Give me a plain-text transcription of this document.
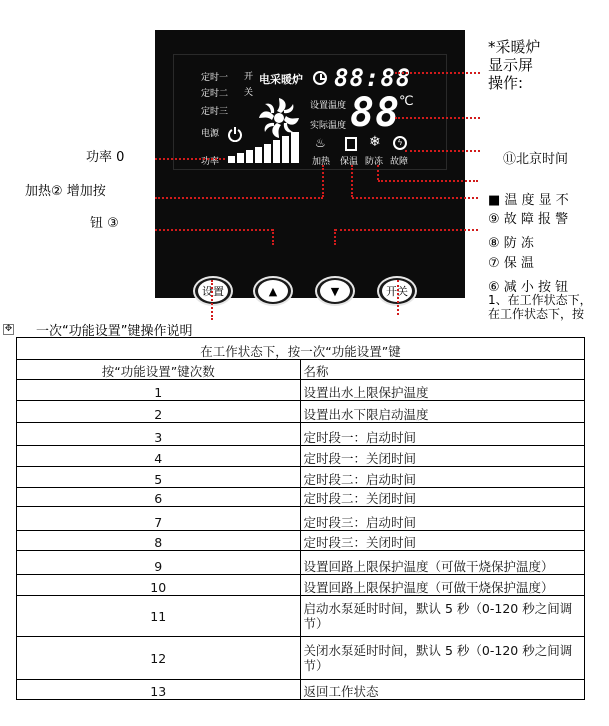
定时一 开
定时二 关
定时三
电源
电采暖炉 88:88
设置温度
实际温度 88
℃
功率
♨
加热 保温
❄
防冻
ϟ
故障
设置	▲	▼	开关
*采暖炉
显示屏
操作:
功率 0
加热② 增加按
钮 ③
⑪北京时间
■ 温 度 显 不
⑨ 故 障 报 警
⑧ 防 冻
⑦ 保 温
⑥ 减 小 按 钮
1、在工作状态下，
在工作状态下，按
✥ 一次“功能设置”键操作说明
在工作状态下，按一次“功能设置”键	
按“功能设置”键次数	名称
1	设置出水上限保护温度
2	设置出水下限启动温度
3	定时段一：启动时间
4	定时段一：关闭时间
5	定时段二：启动时间
6	定时段二：关闭时间
7	定时段三：启动时间
8	定时段三：关闭时间
9	设置回路上限保护温度（可做干烧保护温度）
10	设置回路上限保护温度（可做干烧保护温度）
11	启动水泵延时时间，默认 5 秒（0-120 秒之间调节）
12	关闭水泵延时时间，默认 5 秒（0-120 秒之间调节）
13	返回工作状态
